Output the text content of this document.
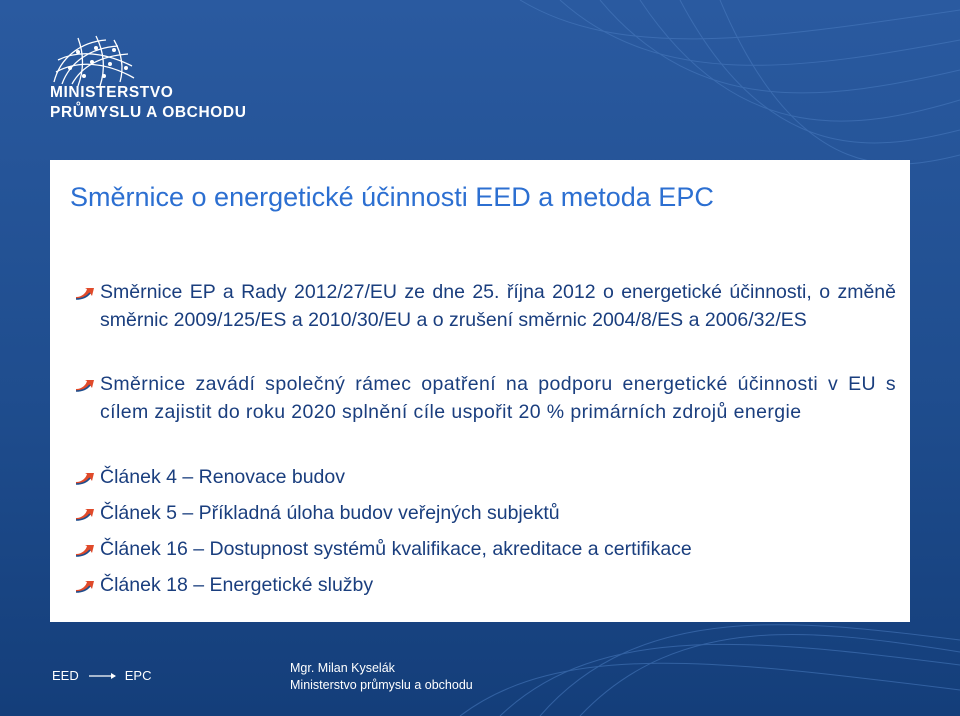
MINISTERSTVO
PRŮMYSLU A OBCHODU
Směrnice o energetické účinnosti EED a metoda EPC
Směrnice EP a Rady 2012/27/EU ze dne 25. října 2012 o energetické účinnosti, o změně směrnic 2009/125/ES a 2010/30/EU a o zrušení směrnic 2004/8/ES a 2006/32/ES
Směrnice zavádí společný rámec opatření na podporu energetické účinnosti v EU s cílem zajistit do roku 2020 splnění cíle uspořit 20 % primárních zdrojů energie
Článek 4 – Renovace budov
Článek 5 – Příkladná úloha budov veřejných subjektů
Článek 16 – Dostupnost systémů kvalifikace, akreditace a certifikace
Článek 18 – Energetické služby
EED	EPC	Mgr. Milan Kyselák
Ministerstvo průmyslu a obchodu
